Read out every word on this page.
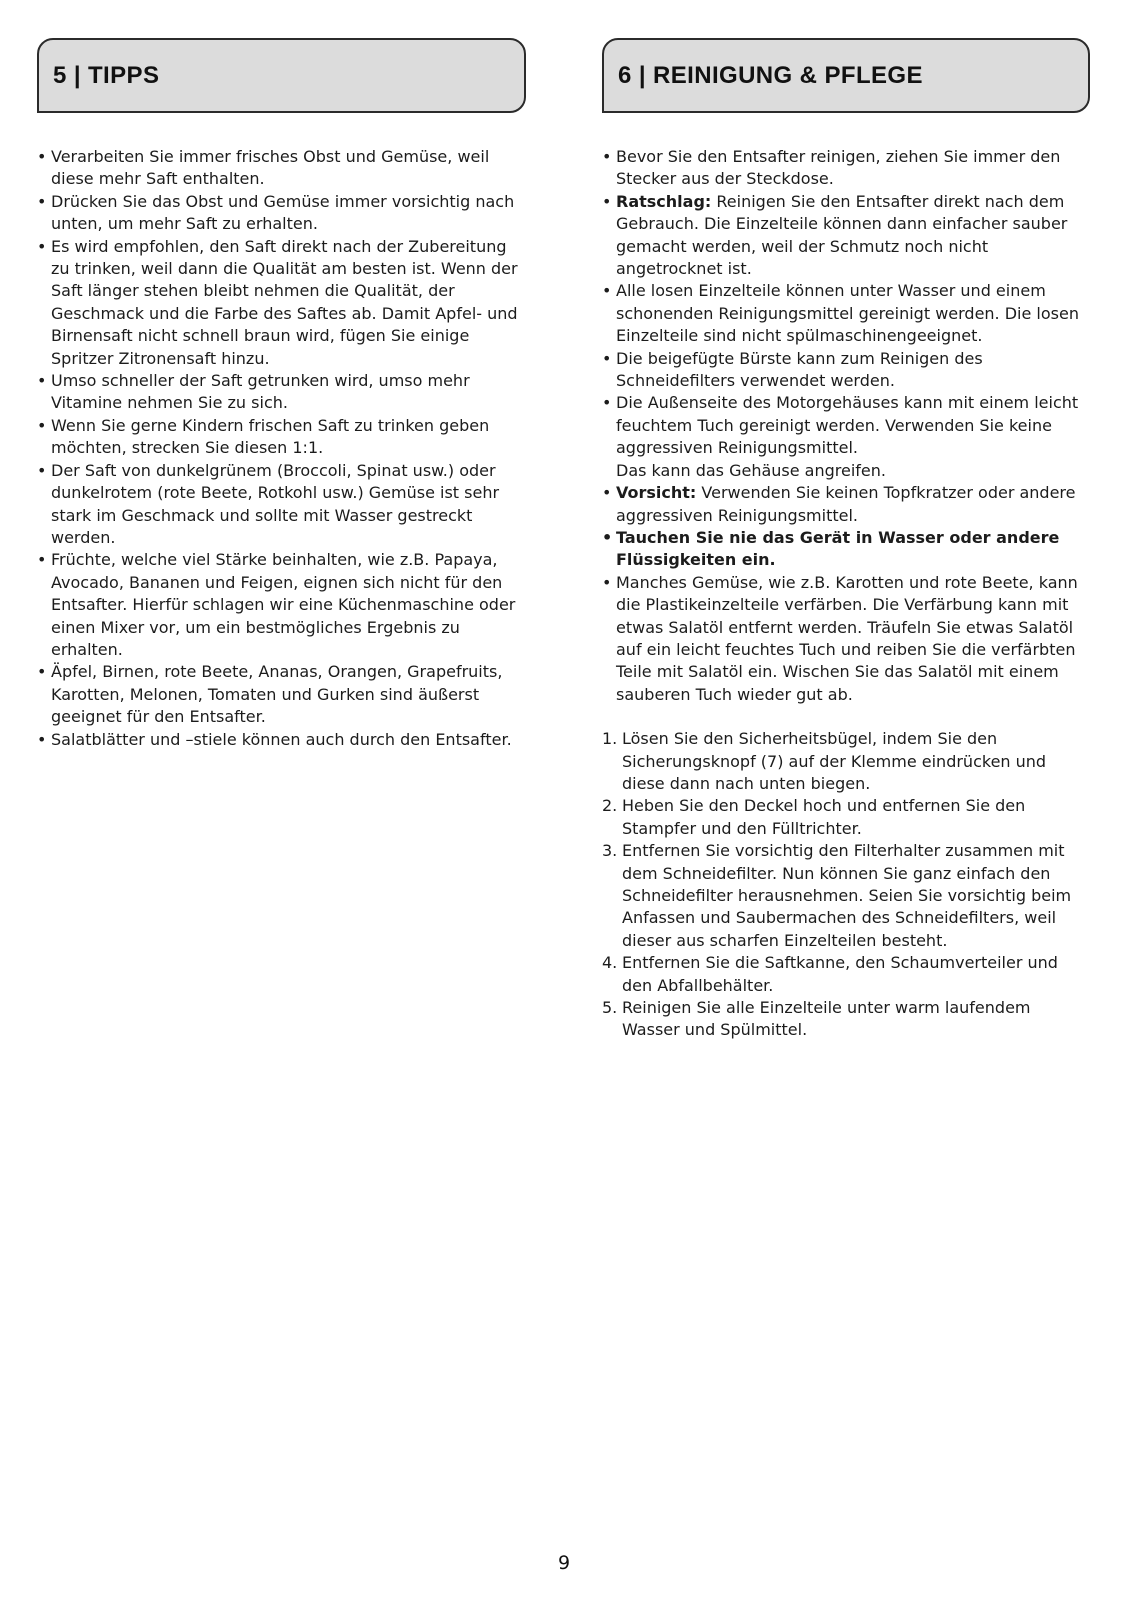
5 | TIPPS
• Verarbeiten Sie immer frisches Obst und Gemüse, weil diese mehr Saft enthalten.
• Drücken Sie das Obst und Gemüse immer vorsichtig nach unten, um mehr Saft zu erhalten.
• Es wird empfohlen, den Saft direkt nach der Zubereitung zu trinken, weil dann die Qualität am besten ist. Wenn der Saft länger stehen bleibt nehmen die Qualität, der Geschmack und die Farbe des Saftes ab. Damit Apfel- und Birnensaft nicht schnell braun wird, fügen Sie einige Spritzer Zitronensaft hinzu.
• Umso schneller der Saft getrunken wird, umso mehr Vitamine nehmen Sie zu sich.
• Wenn Sie gerne Kindern frischen Saft zu trinken geben möchten, strecken Sie diesen 1:1.
• Der Saft von dunkelgrünem (Broccoli, Spinat usw.) oder dunkelrotem (rote Beete, Rotkohl usw.) Gemüse ist sehr stark im Geschmack und sollte mit Wasser gestreckt werden.
• Früchte, welche viel Stärke beinhalten, wie z.B. Papaya, Avocado, Bananen und Feigen, eignen sich nicht für den Entsafter. Hierfür schlagen wir eine Küchenmaschine oder einen Mixer vor, um ein bestmögliches Ergebnis zu erhalten.
• Äpfel, Birnen, rote Beete, Ananas, Orangen, Grapefruits, Karotten, Melonen, Tomaten und Gurken sind äußerst geeignet für den Entsafter.
• Salatblätter und –stiele können auch durch den Entsafter.
6 | REINIGUNG & PFLEGE
• Bevor Sie den Entsafter reinigen, ziehen Sie immer den Stecker aus der Steckdose.
• Ratschlag: Reinigen Sie den Entsafter direkt nach dem Gebrauch. Die Einzelteile können dann einfacher sauber gemacht werden, weil der Schmutz noch nicht angetrocknet ist.
• Alle losen Einzelteile können unter Wasser und einem schonenden Reinigungsmittel gereinigt werden. Die losen Einzelteile sind nicht spülmaschinengeeignet.
• Die beigefügte Bürste kann zum Reinigen des Schneidefilters verwendet werden.
• Die Außenseite des Motorgehäuses kann mit einem leicht feuchtem Tuch gereinigt werden. Verwenden Sie keine aggressiven Reinigungsmittel.
Das kann das Gehäuse angreifen.
• Vorsicht: Verwenden Sie keinen Topfkratzer oder andere aggressiven Reinigungsmittel.
• Tauchen Sie nie das Gerät in Wasser oder andere Flüssigkeiten ein.
• Manches Gemüse, wie z.B. Karotten und rote Beete, kann die Plastikeinzelteile verfärben. Die Verfärbung kann mit etwas Salatöl entfernt werden. Träufeln Sie etwas Salatöl auf ein leicht feuchtes Tuch und reiben Sie die verfärbten Teile mit Salatöl ein. Wischen Sie das Salatöl mit einem sauberen Tuch wieder gut ab.
1. Lösen Sie den Sicherheitsbügel, indem Sie den Sicherungsknopf (7) auf der Klemme eindrücken und diese dann nach unten biegen.
2. Heben Sie den Deckel hoch und entfernen Sie den Stampfer und den Fülltrichter.
3. Entfernen Sie vorsichtig den Filterhalter zusammen mit dem Schneidefilter. Nun können Sie ganz einfach den Schneidefilter herausnehmen. Seien Sie vorsichtig beim Anfassen und Saubermachen des Schneidefilters, weil dieser aus scharfen Einzelteilen besteht.
4. Entfernen Sie die Saftkanne, den Schaumverteiler und den Abfallbehälter.
5. Reinigen Sie alle Einzelteile unter warm laufendem Wasser und Spülmittel.
9
